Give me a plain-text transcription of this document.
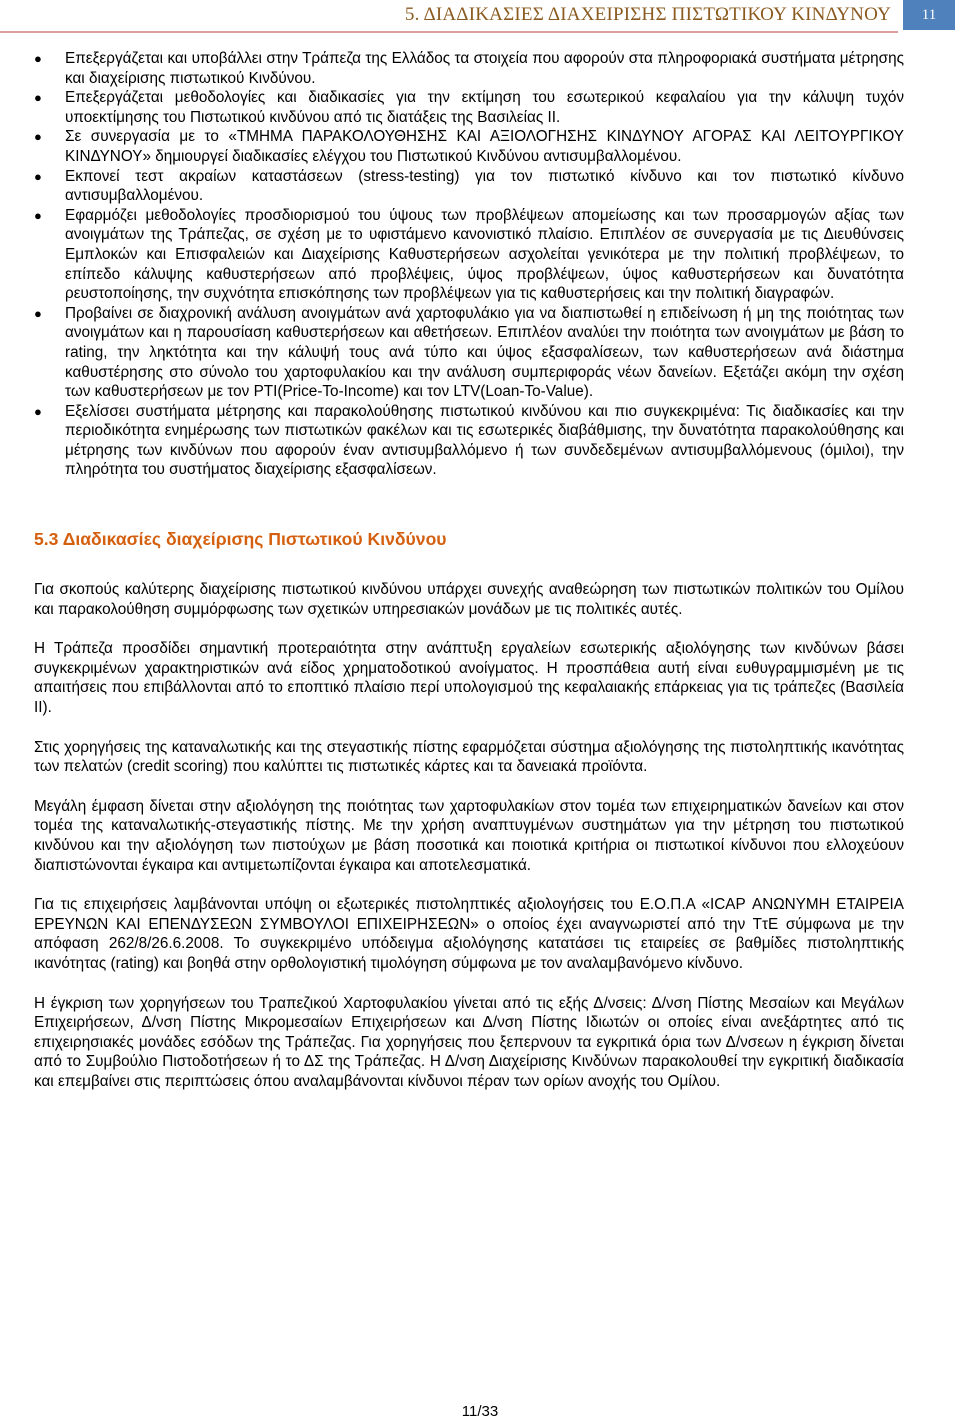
5. ΔΙΑΔΙΚΑΣΙΕΣ ΔΙΑΧΕΙΡΙΣΗΣ ΠΙΣΤΩΤΙΚΟΥ ΚΙΝΔΥΝΟΥ	11
●	Επεξεργάζεται και υποβάλλει στην Τράπεζα της Ελλάδος τα στοιχεία που αφορούν στα πληροφοριακά συστήματα μέτρησης και διαχείρισης πιστωτικού Κινδύνου.
●	Επεξεργάζεται μεθοδολογίες και διαδικασίες για την εκτίμηση του εσωτερικού κεφαλαίου για την κάλυψη τυχόν υποεκτίμησης του Πιστωτικού κινδύνου από τις διατάξεις της Βασιλείας ΙΙ.
●	Σε συνεργασία με το «ΤΜΗΜΑ ΠΑΡΑΚΟΛΟΥΘΗΣΗΣ ΚΑΙ ΑΞΙΟΛΟΓΗΣΗΣ ΚΙΝΔΥΝΟΥ ΑΓΟΡΑΣ ΚΑΙ ΛΕΙΤΟΥΡΓΙΚΟΥ ΚΙΝΔΥΝΟΥ» δημιουργεί διαδικασίες ελέγχου του Πιστωτικού Κινδύνου αντισυμβαλλομένου.
●	Εκπονεί τεστ ακραίων καταστάσεων (stress-testing) για τον πιστωτικό κίνδυνο και τον πιστωτικό κίνδυνο αντισυμβαλλομένου.
●	Εφαρμόζει μεθοδολογίες προσδιορισμού του ύψους των προβλέψεων απομείωσης και των προσαρμογών αξίας των ανοιγμάτων της Τράπεζας, σε σχέση με το υφιστάμενο κανονιστικό πλαίσιο. Επιπλέον σε συνεργασία με τις Διευθύνσεις Εμπλοκών και Επισφαλειών και Διαχείρισης Καθυστερήσεων ασχολείται γενικότερα με την πολιτική προβλέψεων, το επίπεδο κάλυψης καθυστερήσεων από προβλέψεις, ύψος προβλέψεων, ύψος καθυστερήσεων και δυνατότητα ρευστοποίησης, την συχνότητα επισκόπησης των προβλέψεων για τις καθυστερήσεις και την πολιτική διαγραφών.
●	Προβαίνει σε διαχρονική ανάλυση ανοιγμάτων ανά χαρτοφυλάκιο για να διαπιστωθεί η επιδείνωση ή μη της ποιότητας των ανοιγμάτων και η παρουσίαση καθυστερήσεων και αθετήσεων. Επιπλέον αναλύει την ποιότητα των ανοιγμάτων με βάση το rating, την ληκτότητα και την κάλυψή τους ανά τύπο και ύψος εξασφαλίσεων, των καθυστερήσεων ανά διάστημα καθυστέρησης στο σύνολο του χαρτοφυλακίου και την ανάλυση συμπεριφοράς νέων δανείων. Εξετάζει ακόμη την σχέση των καθυστερήσεων με τον PTI(Price-To-Income) και τον LTV(Loan-To-Value).
●	Εξελίσσει συστήματα μέτρησης και παρακολούθησης πιστωτικού κινδύνου και πιο συγκεκριμένα: Τις διαδικασίες και την περιοδικότητα ενημέρωσης των πιστωτικών φακέλων και τις εσωτερικές διαβάθμισης, την δυνατότητα παρακολούθησης και μέτρησης των κινδύνων που αφορούν έναν αντισυμβαλλόμενο ή των συνδεδεμένων αντισυμβαλλόμενους (όμιλοι), την πληρότητα του συστήματος διαχείρισης εξασφαλίσεων.
5.3 Διαδικασίες διαχείρισης Πιστωτικού Κινδύνου

Για σκοπούς καλύτερης διαχείρισης πιστωτικού κινδύνου υπάρχει συνεχής αναθεώρηση των πιστωτικών πολιτικών του Ομίλου και παρακολούθηση συμμόρφωσης των σχετικών υπηρεσιακών μονάδων με τις πολιτικές αυτές.

Η Τράπεζα προσδίδει σημαντική προτεραιότητα στην ανάπτυξη εργαλείων εσωτερικής αξιολόγησης των κινδύνων βάσει συγκεκριμένων χαρακτηριστικών ανά είδος χρηματοδοτικού ανοίγματος. Η προσπάθεια αυτή είναι ευθυγραμμισμένη με τις απαιτήσεις που επιβάλλονται από το εποπτικό πλαίσιο περί υπολογισμού της κεφαλαιακής επάρκειας για τις τράπεζες (Βασιλεία ΙΙ).

Στις χορηγήσεις της καταναλωτικής και της στεγαστικής πίστης εφαρμόζεται σύστημα αξιολόγησης της πιστοληπτικής ικανότητας των πελατών (credit scoring) που καλύπτει τις πιστωτικές κάρτες και τα δανειακά προϊόντα.

Μεγάλη έμφαση δίνεται στην αξιολόγηση της ποιότητας των χαρτοφυλακίων στον τομέα των επιχειρηματικών δανείων και στον τομέα της καταναλωτικής-στεγαστικής πίστης. Με την χρήση αναπτυγμένων συστημάτων για την μέτρηση του πιστωτικού κινδύνου και την αξιολόγηση των πιστούχων με βάση ποσοτικά και ποιοτικά κριτήρια οι πιστωτικοί κίνδυνοι που ελλοχεύουν διαπιστώνονται έγκαιρα και αντιμετωπίζονται έγκαιρα και αποτελεσματικά.

Για τις επιχειρήσεις λαμβάνονται υπόψη οι εξωτερικές πιστοληπτικές αξιολογήσεις του Ε.Ο.Π.Α «ICAP ΑΝΩΝΥΜΗ ΕΤΑΙΡΕΙΑ ΕΡΕΥΝΩΝ ΚΑΙ ΕΠΕΝΔΥΣΕΩΝ ΣΥΜΒΟΥΛΟΙ ΕΠΙΧΕΙΡΗΣΕΩΝ» ο οποίος έχει αναγνωριστεί από την ΤτΕ σύμφωνα με την απόφαση 262/8/26.6.2008. Το συγκεκριμένο υπόδειγμα αξιολόγησης κατατάσει τις εταιρείες σε βαθμίδες πιστοληπτικής ικανότητας (rating) και βοηθά στην ορθολογιστική τιμολόγηση σύμφωνα με τον αναλαμβανόμενο κίνδυνο.

Η έγκριση των χορηγήσεων του Τραπεζικού Χαρτοφυλακίου γίνεται από τις εξής Δ/νσεις: Δ/νση Πίστης Μεσαίων και Μεγάλων Επιχειρήσεων, Δ/νση Πίστης Μικρομεσαίων Επιχειρήσεων και Δ/νση Πίστης Ιδιωτών οι οποίες είναι ανεξάρτητες από τις επιχειρησιακές μονάδες εσόδων της Τράπεζας. Για χορηγήσεις που ξεπερνουν τα εγκριτικά όρια των Δ/νσεων η έγκριση δίνεται από το Συμβούλιο Πιστοδοτήσεων ή το ΔΣ της Τράπεζας. Η Δ/νση Διαχείρισης Κινδύνων παρακολουθεί την εγκριτική διαδικασία και επεμβαίνει στις περιπτώσεις όπου αναλαμβάνονται κίνδυνοι πέραν των ορίων ανοχής του Ομίλου.

11/33
